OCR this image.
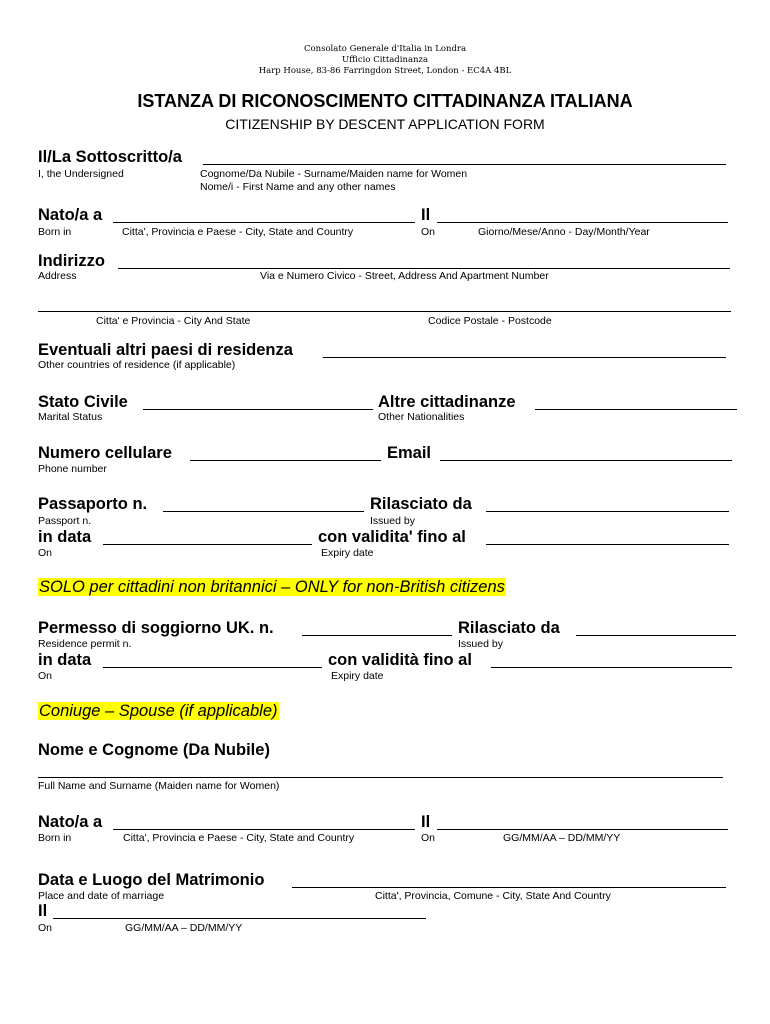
Consolato Generale d'Italia in Londra
Ufficio Cittadinanza
Harp House, 83-86 Farringdon Street, London - EC4A 4BL
ISTANZA DI RICONOSCIMENTO CITTADINANZA ITALIANA
CITIZENSHIP BY DESCENT APPLICATION FORM
Il/La Sottoscritto/a
I, the Undersigned	Cognome/Da Nubile - Surname/Maiden name for Women
Nome/i - First Name and any other names
Nato/a a	Il
Born in	Citta', Provincia e Paese - City, State and Country	On	Giorno/Mese/Anno - Day/Month/Year
Indirizzo
Address	Via e Numero Civico - Street, Address And Apartment Number
Citta' e Provincia - City And State	Codice Postale - Postcode
Eventuali altri paesi di residenza
Other countries of residence (if applicable)
Stato Civile	Altre cittadinanze
Marital Status	Other Nationalities
Numero cellulare	Email
Phone number
Passaporto n.	Rilasciato da
Passport n.	Issued by
in data	con validita' fino al
On	Expiry date
SOLO per cittadini non britannici – ONLY for non-British citizens
Permesso di soggiorno UK. n.	Rilasciato da
Residence permit n.	Issued by
in data	con validità fino al
On	Expiry date
Coniuge – Spouse (if applicable)
Nome e Cognome (Da Nubile)
Full Name and Surname (Maiden name for Women)
Nato/a a	Il
Born in	Citta', Provincia e Paese - City, State and Country	On	GG/MM/AA – DD/MM/YY
Data e Luogo del Matrimonio
Place and date of marriage	Citta', Provincia, Comune - City, State And Country
Il
On	GG/MM/AA – DD/MM/YY
